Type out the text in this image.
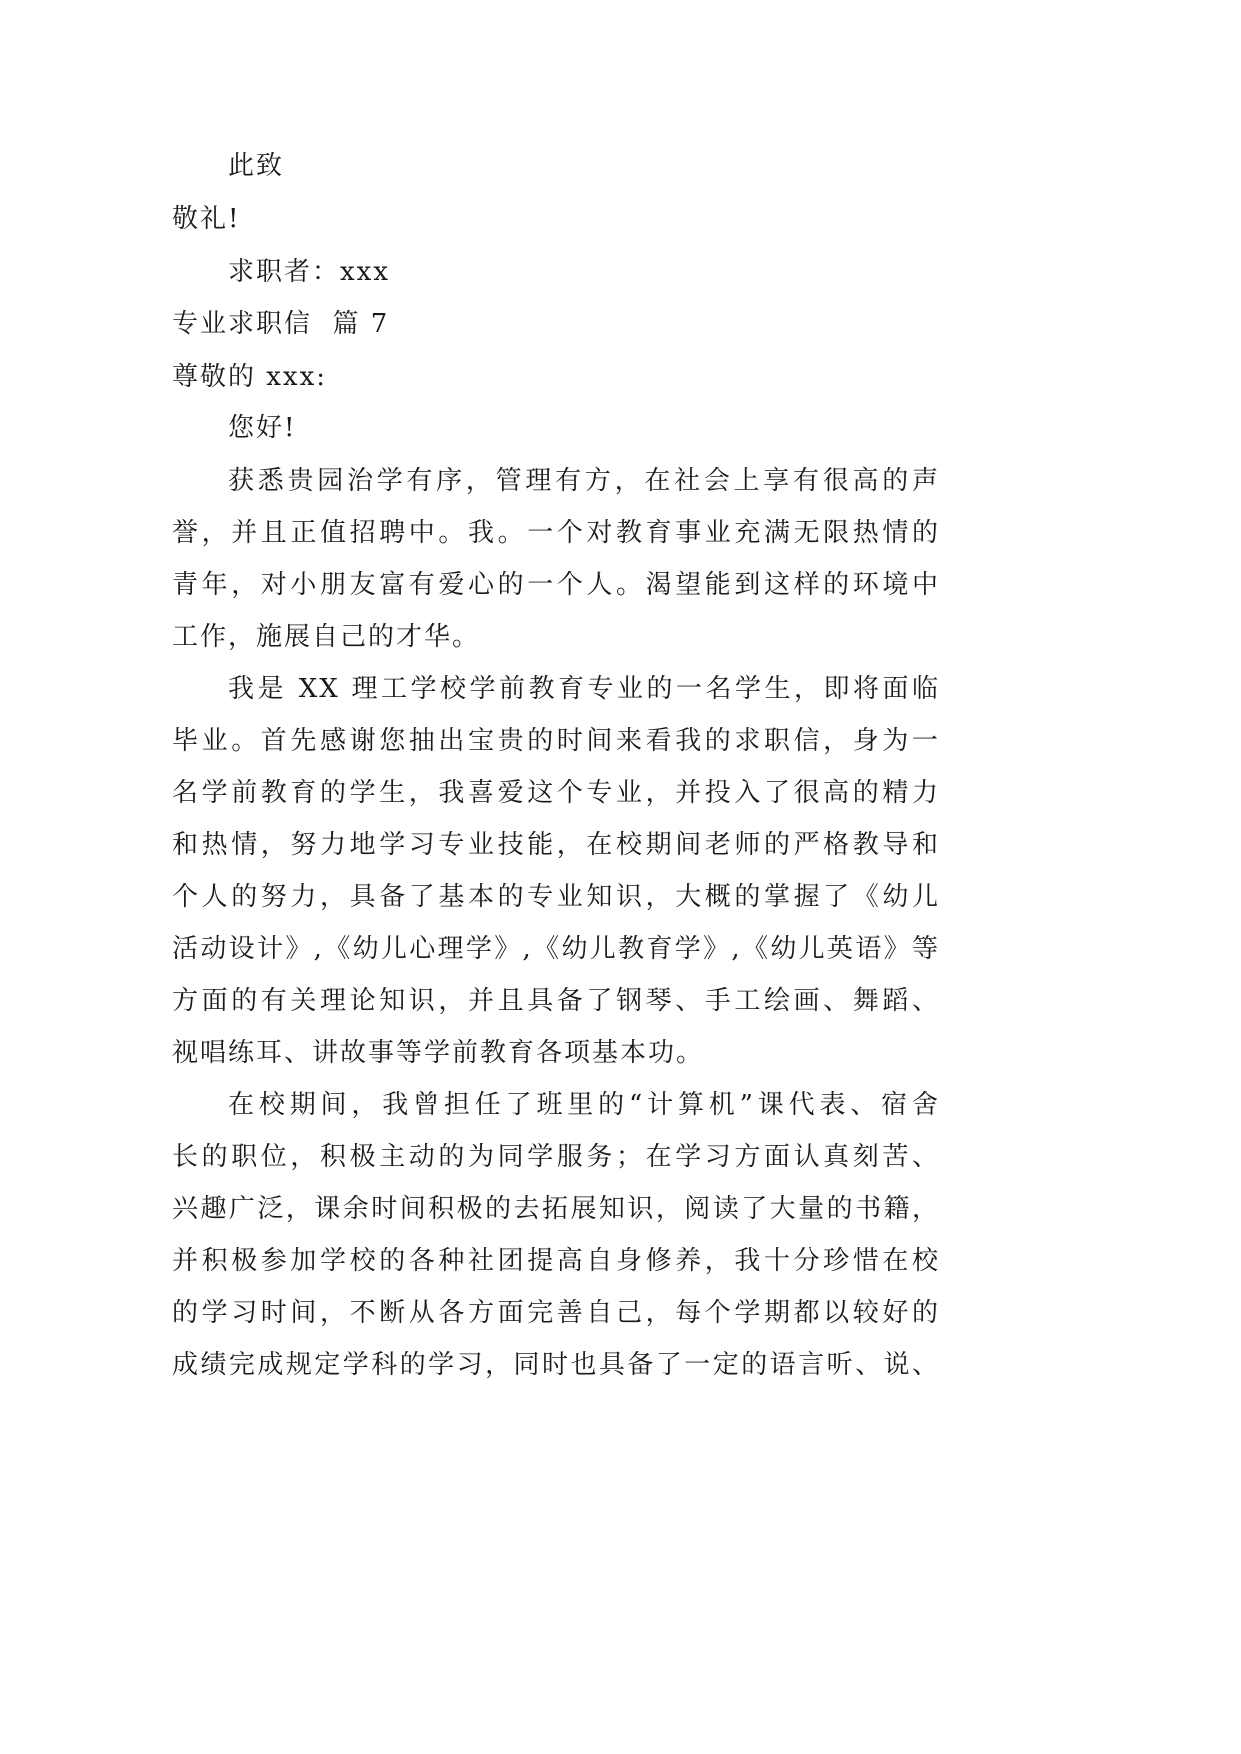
此致
敬礼!
求职者：xxx
专业求职信  篇 7
尊敬的 xxx:
您好!
获悉贵园治学有序，管理有方，在社会上享有很高的声
誉，并且正值招聘中。我。一个对教育事业充满无限热情的
青年，对小朋友富有爱心的一个人。渴望能到这样的环境中
工作，施展自己的才华。
我是 XX 理工学校学前教育专业的一名学生，即将面临
毕业。首先感谢您抽出宝贵的时间来看我的求职信，身为一
名学前教育的学生，我喜爱这个专业，并投入了很高的精力
和热情，努力地学习专业技能，在校期间老师的严格教导和
个人的努力，具备了基本的专业知识，大概的掌握了《幼儿
活动设计》,《幼儿心理学》,《幼儿教育学》,《幼儿英语》等
方面的有关理论知识，并且具备了钢琴、手工绘画、舞蹈、
视唱练耳、讲故事等学前教育各项基本功。
在校期间，我曾担任了班里的“计算机”课代表、宿舍
长的职位，积极主动的为同学服务；在学习方面认真刻苦、
兴趣广泛，课余时间积极的去拓展知识，阅读了大量的书籍，
并积极参加学校的各种社团提高自身修养，我十分珍惜在校
的学习时间，不断从各方面完善自己，每个学期都以较好的
成绩完成规定学科的学习，同时也具备了一定的语言听、说、
